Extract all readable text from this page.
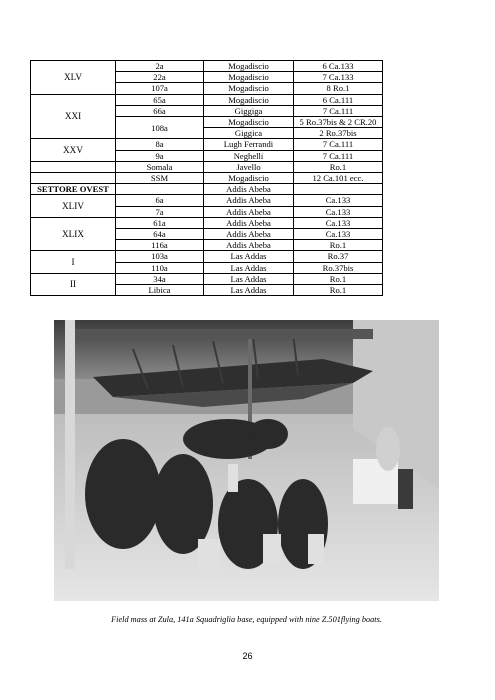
XLV	2a	Mogadiscio	6 Ca.133
	22a	Mogadiscio	7 Ca.133
	107a	Mogadiscio	8 Ro.1
XXI	65a	Mogadiscio	6 Ca.111
	66a	Giggiga	7 Ca.111
	108a	Mogadiscio	5 Ro.37bis & 2 CR.20
		Giggica	2 Ro.37bis
XXV	8a	Lugh Ferrandi	7 Ca.111
	9a	Neghelli	7 Ca.111
	Somala	Javello	Ro.1
	SSM	Mogadiscio	12 Ca.101 ecc.
SETTORE OVEST		Addis Abeba	
XLIV	6a	Addis Abeba	Ca.133
	7a	Addis Abeba	Ca.133
XLIX	61a	Addis Abeba	Ca.133
	64a	Addis Abeba	Ca.133
	116a	Addis Abeba	Ro.1
I	103a	Las Addas	Ro.37
	110a	Las Addas	Ro.37bis
II	34a	Las Addas	Ro.1
	Libica	Las Addas	Ro.1
Field mass at Zula, 141a Squadriglia base, equipped with nine Z.501flying boats.
26
